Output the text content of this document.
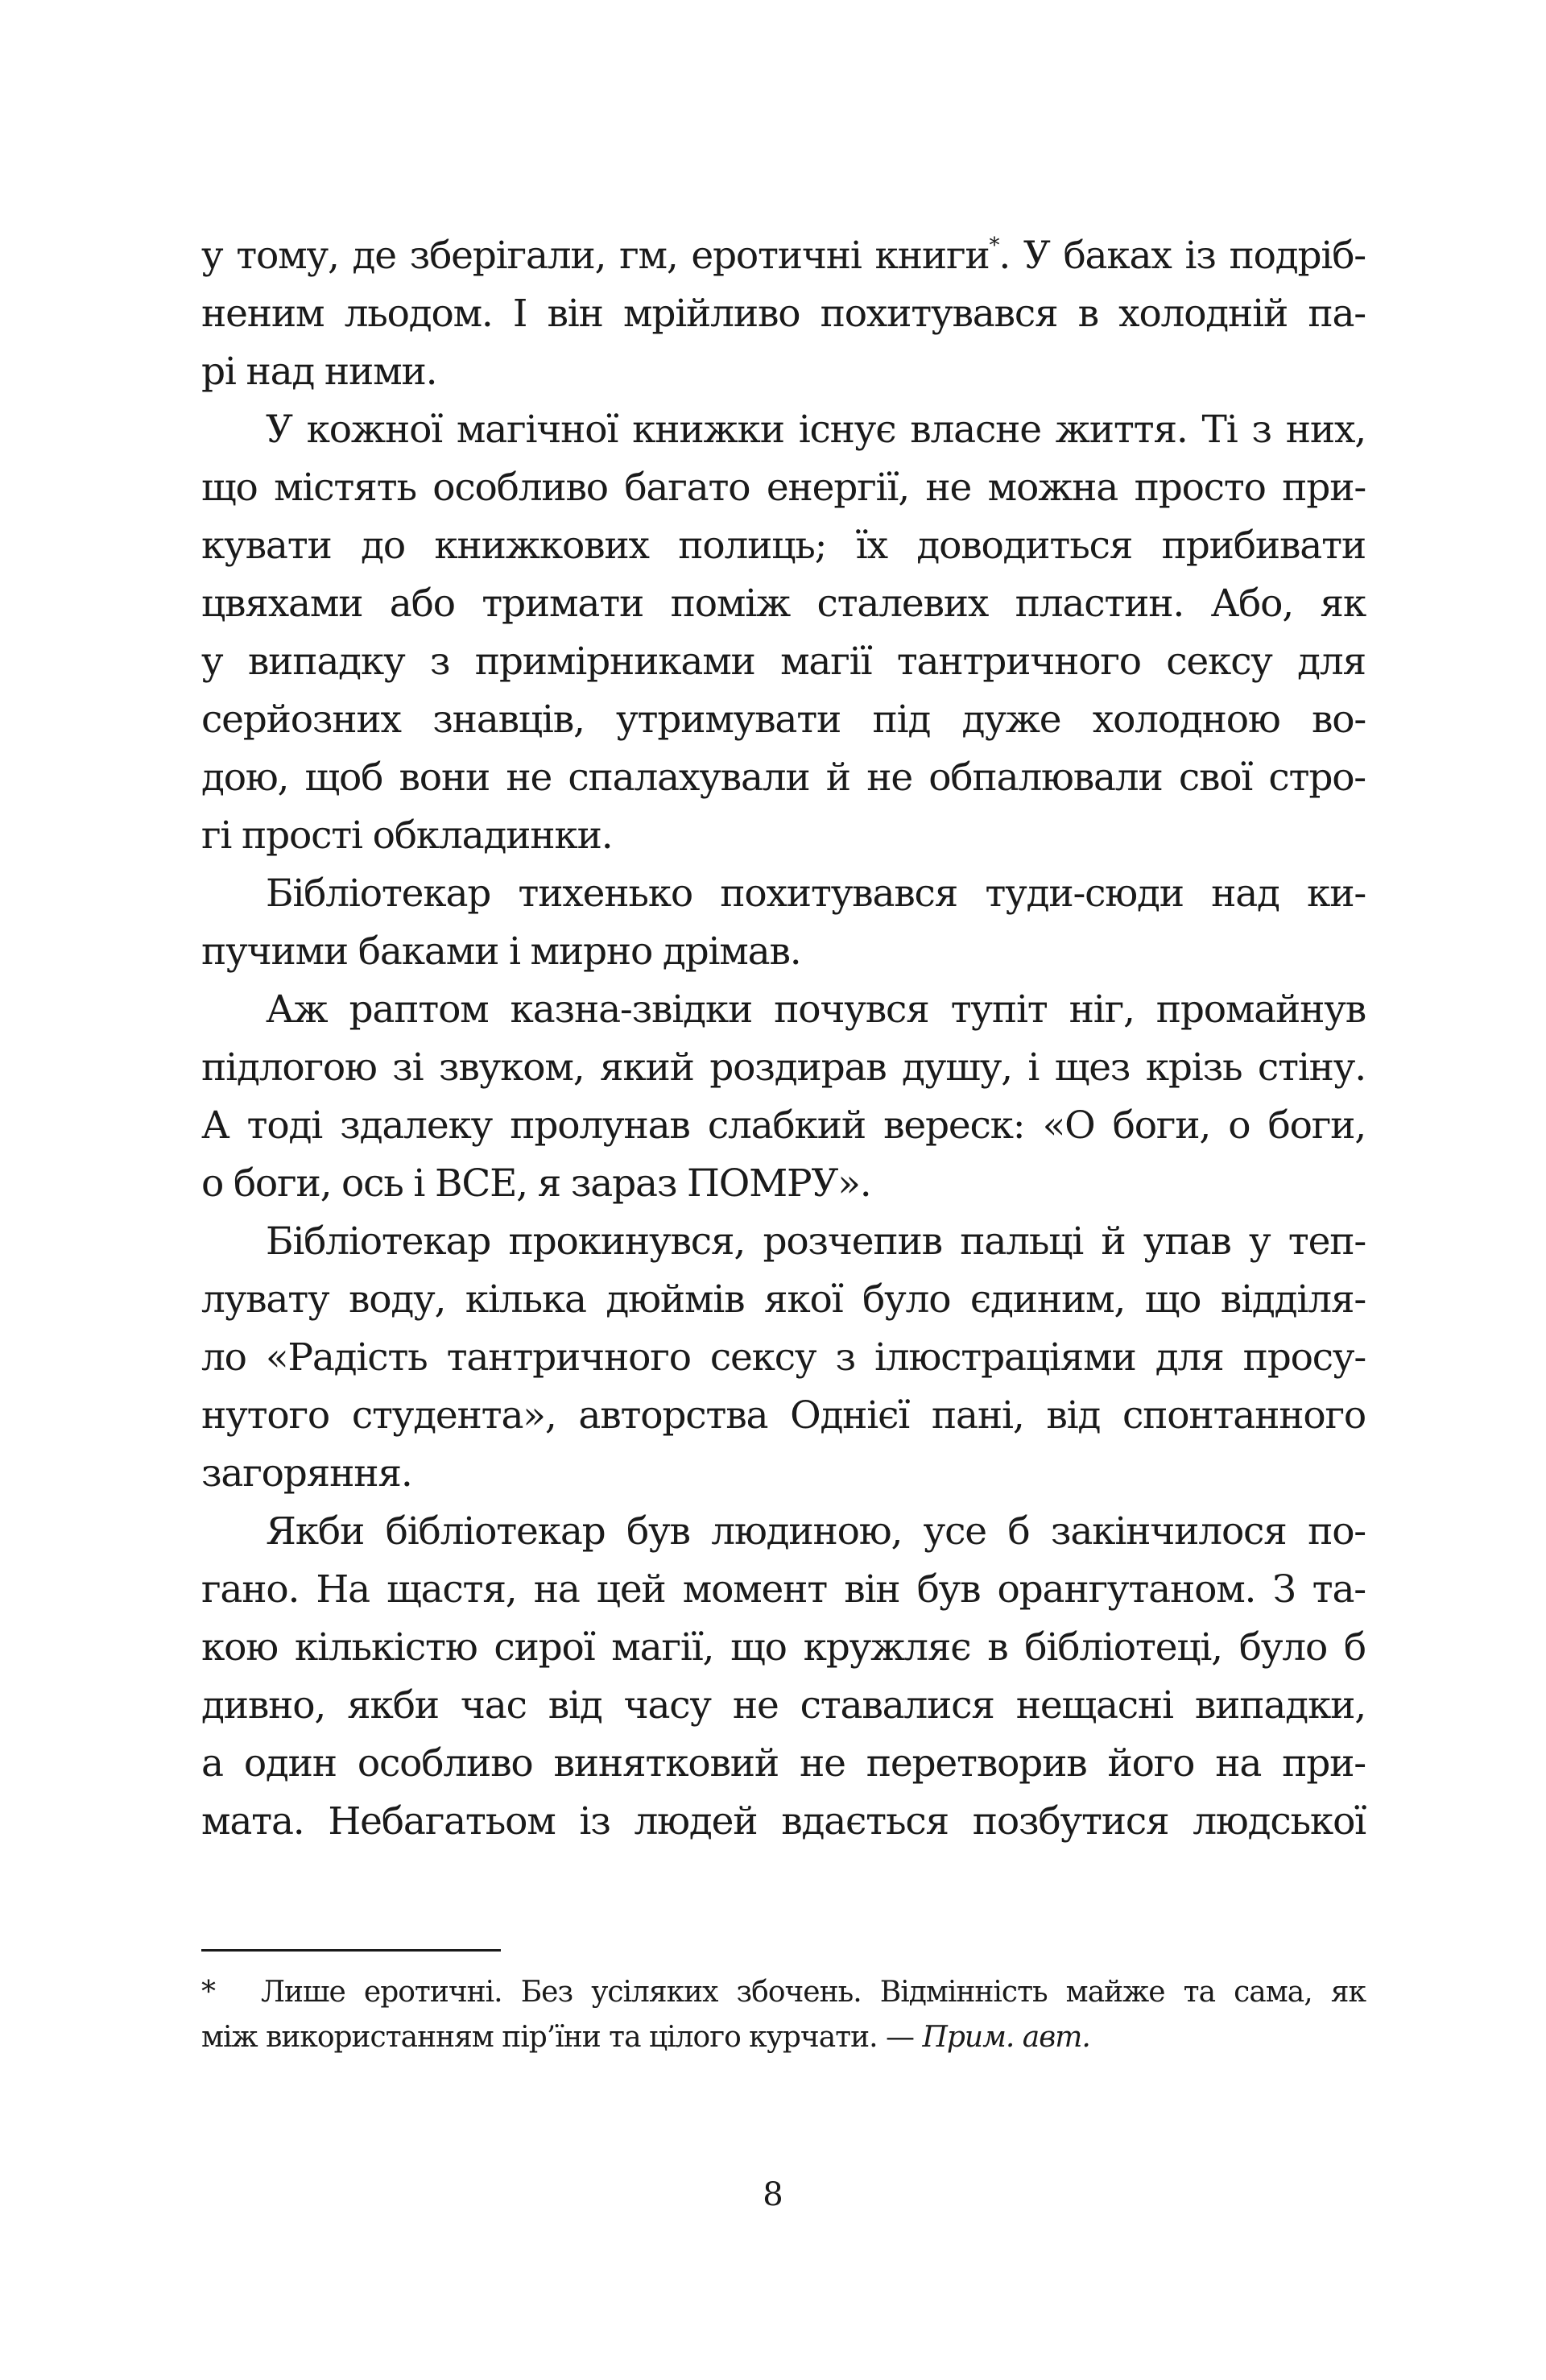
у тому, де зберігали, гм, еротичні книги*. У баках із подріб-
неним льодом. І він мрійливо похитувався в холодній па-
рі над ними.
У кожної магічної книжки існує власне життя. Ті з них,
що містять особливо багато енергії, не можна просто при-
кувати до книжкових полиць; їх доводиться прибивати
цвяхами або тримати поміж сталевих пластин. Або, як
у випадку з примірниками магії тантричного сексу для
серйозних знавців, утримувати під дуже холодною во-
дою, щоб вони не спалахували й не обпалювали свої стро-
гі прості обкладинки.
Бібліотекар тихенько похитувався туди-сюди над ки-
пучими баками і мирно дрімав.
Аж раптом казна-звідки почувся тупіт ніг, промайнув
підлогою зі звуком, який роздирав душу, і щез крізь стіну.
А тоді здалеку пролунав слабкий вереск: «О боги, о боги,
о боги, ось і ВСЕ, я зараз ПОМРУ».
Бібліотекар прокинувся, розчепив пальці й упав у теп-
лувату воду, кілька дюймів якої було єдиним, що відділя-
ло «Радість тантричного сексу з ілюстраціями для просу-
нутого студента», авторства Однієї пані, від спонтанного
загоряння.
Якби бібліотекар був людиною, усе б закінчилося по-
гано. На щастя, на цей момент він був орангутаном. З та-
кою кількістю сирої магії, що кружляє в бібліотеці, було б
дивно, якби час від часу не ставалися нещасні випадки,
а один особливо винятковий не перетворив його на при-
мата. Небагатьом із людей вдається позбутися людської
* Лише еротичні. Без усіляких збочень. Відмінність майже та сама, як
між використанням пір’їни та цілого курчати. — Прим. авт.
8
